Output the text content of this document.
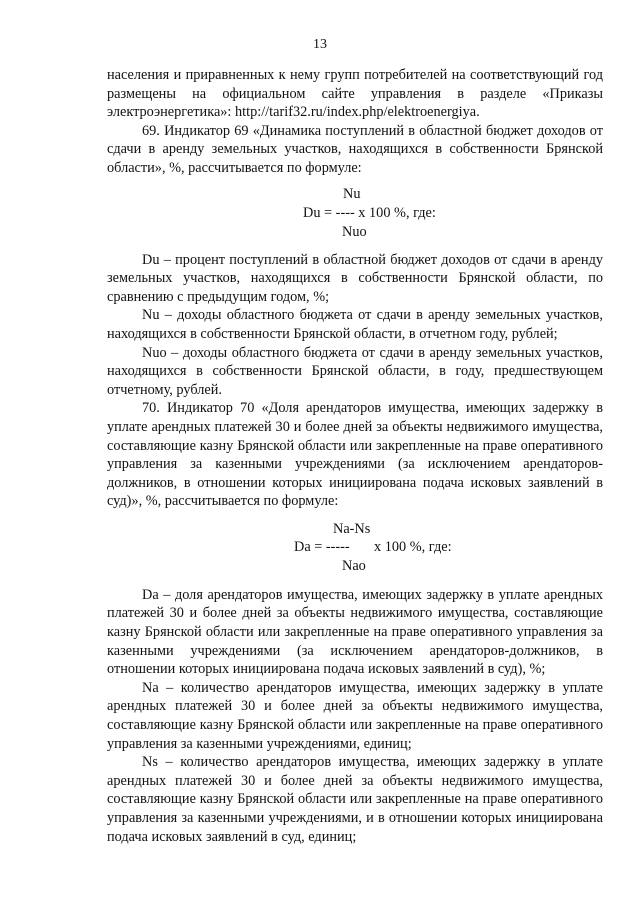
13

населения и приравненных к нему групп потребителей на соответствующий год размещены на официальном сайте управления в разделе «Приказы электроэнергетика»: http://tarif32.ru/index.php/elektroenergiya.

69. Индикатор 69 «Динамика поступлений в областной бюджет доходов от сдачи в аренду земельных участков, находящихся в собственности Брянской области», %, рассчитывается по формуле:

Nu
Du = ---- х 100 %, где:
Nuo

Du – процент поступлений в областной бюджет доходов от сдачи в аренду земельных участков, находящихся в собственности Брянской области, по сравнению с предыдущим годом, %;

Nu – доходы областного бюджета от сдачи в аренду земельных участков, находящихся в собственности Брянской области, в отчетном году, рублей;

Nuo – доходы областного бюджета от сдачи в аренду земельных участков, находящихся в собственности Брянской области, в году, предшествующем отчетному, рублей.

70. Индикатор 70 «Доля арендаторов имущества, имеющих задержку в уплате арендных платежей 30 и более дней за объекты недвижимого имущества, составляющие казну Брянской области или закрепленные на праве оперативного управления за казенными учреждениями (за исключением арендаторов-должников, в отношении которых инициирована подача исковых заявлений в суд)», %, рассчитывается по формуле:

Na-Ns
Da = ----- х 100 %, где:
Nao

Da – доля арендаторов имущества, имеющих задержку в уплате арендных платежей 30 и более дней за объекты недвижимого имущества, составляющие казну Брянской области или закрепленные на праве оперативного управления за казенными учреждениями (за исключением арендаторов-должников, в отношении которых инициирована подача исковых заявлений в суд), %;

Na – количество арендаторов имущества, имеющих задержку в уплате арендных платежей 30 и более дней за объекты недвижимого имущества, составляющие казну Брянской области или закрепленные на праве оперативного управления за казенными учреждениями, единиц;

Ns – количество арендаторов имущества, имеющих задержку в уплате арендных платежей 30 и более дней за объекты недвижимого имущества, составляющие казну Брянской области или закрепленные на праве оперативного управления за казенными учреждениями, и в отношении которых инициирована подача исковых заявлений в суд, единиц;
